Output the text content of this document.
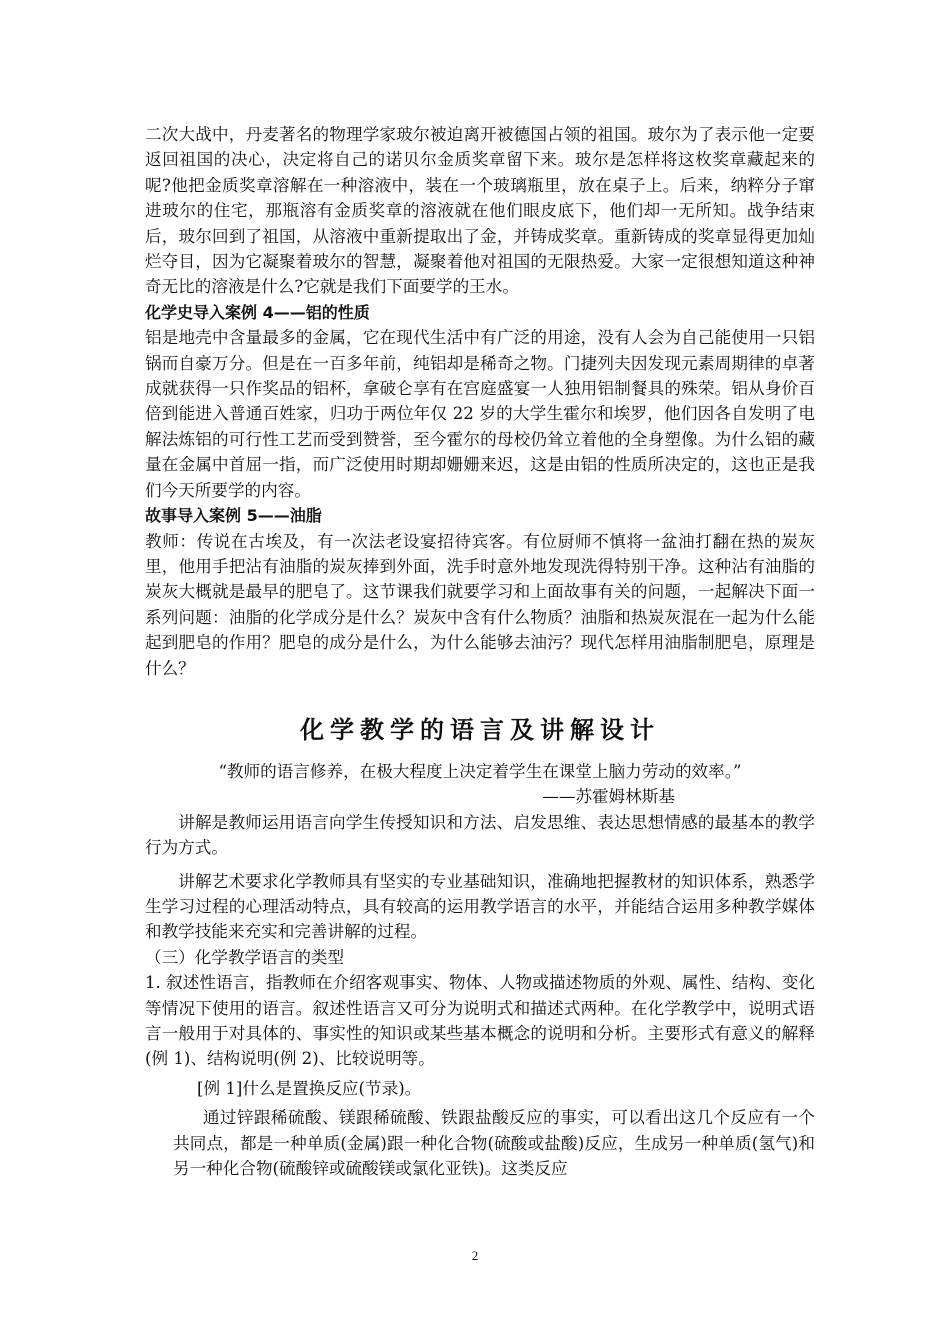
二次大战中，丹麦著名的物理学家玻尔被迫离开被德国占领的祖国。玻尔为了表示他一定要返回祖国的决心，决定将自己的诺贝尔金质奖章留下来。玻尔是怎样将这枚奖章藏起来的呢?他把金质奖章溶解在一种溶液中，装在一个玻璃瓶里，放在桌子上。后来，纳粹分子窜进玻尔的住宅，那瓶溶有金质奖章的溶液就在他们眼皮底下，他们却一无所知。战争结束后，玻尔回到了祖国，从溶液中重新提取出了金，并铸成奖章。重新铸成的奖章显得更加灿烂夺目，因为它凝聚着玻尔的智慧，凝聚着他对祖国的无限热爱。大家一定很想知道这种神奇无比的溶液是什么?它就是我们下面要学的王水。

化学史导入案例 4——铝的性质

铝是地壳中含量最多的金属，它在现代生活中有广泛的用途，没有人会为自己能使用一只铝锅而自豪万分。但是在一百多年前，纯铝却是稀奇之物。门捷列夫因发现元素周期律的卓著成就获得一只作奖品的铝杯，拿破仑享有在宫庭盛宴一人独用铝制餐具的殊荣。铝从身价百倍到能进入普通百姓家，归功于两位年仅 22 岁的大学生霍尔和埃罗，他们因各自发明了电解法炼铝的可行性工艺而受到赞誉，至今霍尔的母校仍耸立着他的全身塑像。为什么铝的藏量在金属中首屈一指，而广泛使用时期却姗姗来迟，这是由铝的性质所决定的，这也正是我们今天所要学的内容。

故事导入案例 5——油脂

教师：传说在古埃及，有一次法老设宴招待宾客。有位厨师不慎将一盆油打翻在热的炭灰里，他用手把沾有油脂的炭灰捧到外面，洗手时意外地发现洗得特别干净。这种沾有油脂的炭灰大概就是最早的肥皂了。这节课我们就要学习和上面故事有关的问题，一起解决下面一系列问题：油脂的化学成分是什么？炭灰中含有什么物质？油脂和热炭灰混在一起为什么能起到肥皂的作用？肥皂的成分是什么，为什么能够去油污？现代怎样用油脂制肥皂，原理是什么？

化学教学的语言及讲解设计

“教师的语言修养，在极大程度上决定着学生在课堂上脑力劳动的效率。”

——苏霍姆林斯基

讲解是教师运用语言向学生传授知识和方法、启发思维、表达思想情感的最基本的教学行为方式。

讲解艺术要求化学教师具有坚实的专业基础知识，准确地把握教材的知识体系，熟悉学生学习过程的心理活动特点，具有较高的运用教学语言的水平，并能结合运用多种教学媒体和教学技能来充实和完善讲解的过程。

（三）化学教学语言的类型

1. 叙述性语言，指教师在介绍客观事实、物体、人物或描述物质的外观、属性、结构、变化等情况下使用的语言。叙述性语言又可分为说明式和描述式两种。在化学教学中，说明式语言一般用于对具体的、事实性的知识或某些基本概念的说明和分析。主要形式有意义的解释(例 1)、结构说明(例 2)、比较说明等。

[例 1]什么是置换反应(节录)。

通过锌跟稀硫酸、镁跟稀硫酸、铁跟盐酸反应的事实，可以看出这几个反应有一个共同点，都是一种单质(金属)跟一种化合物(硫酸或盐酸)反应，生成另一种单质(氢气)和另一种化合物(硫酸锌或硫酸镁或氯化亚铁)。这类反应

2
